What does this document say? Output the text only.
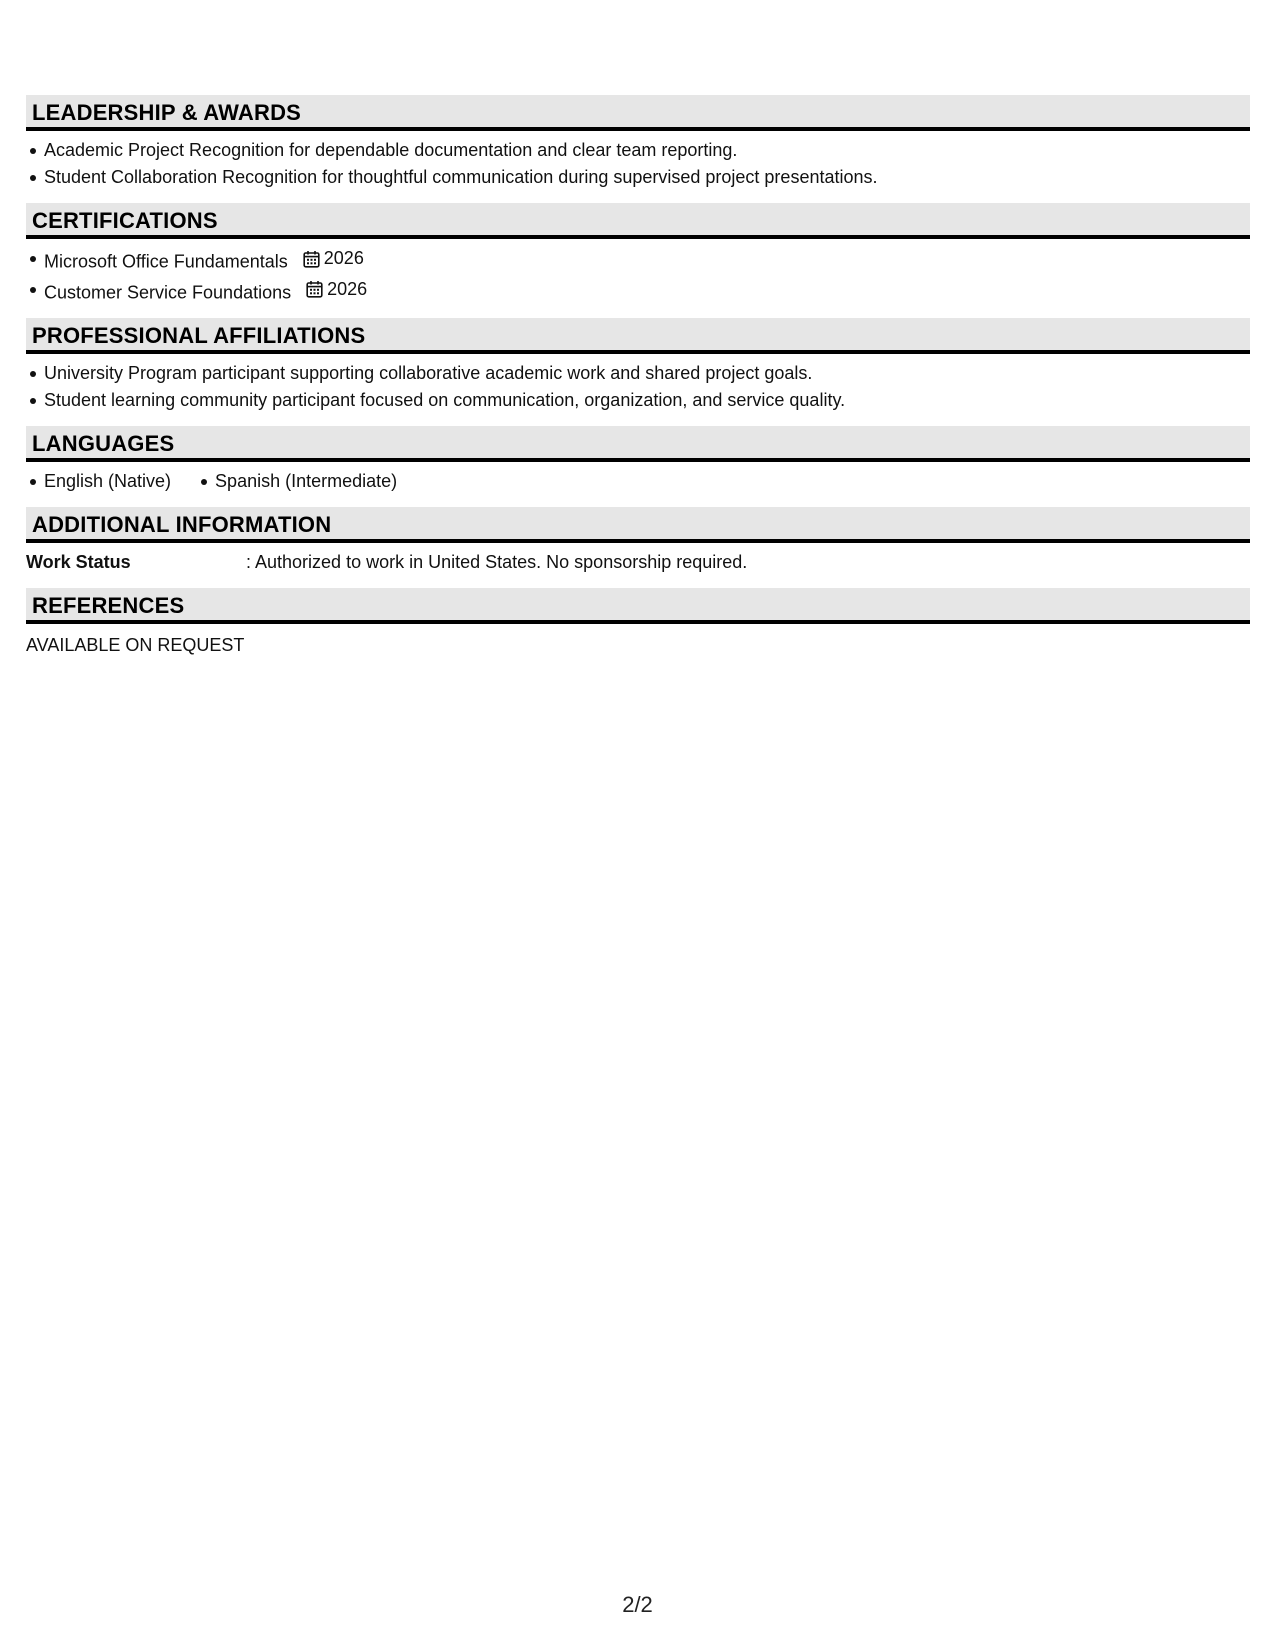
LEADERSHIP & AWARDS
Academic Project Recognition for dependable documentation and clear team reporting.
Student Collaboration Recognition for thoughtful communication during supervised project presentations.
CERTIFICATIONS
Microsoft Office Fundamentals 2026
Customer Service Foundations 2026
PROFESSIONAL AFFILIATIONS
University Program participant supporting collaborative academic work and shared project goals.
Student learning community participant focused on communication, organization, and service quality.
LANGUAGES
English (Native) Spanish (Intermediate)
ADDITIONAL INFORMATION
Work Status	: Authorized to work in United States. No sponsorship required.
REFERENCES
AVAILABLE ON REQUEST
2/2
